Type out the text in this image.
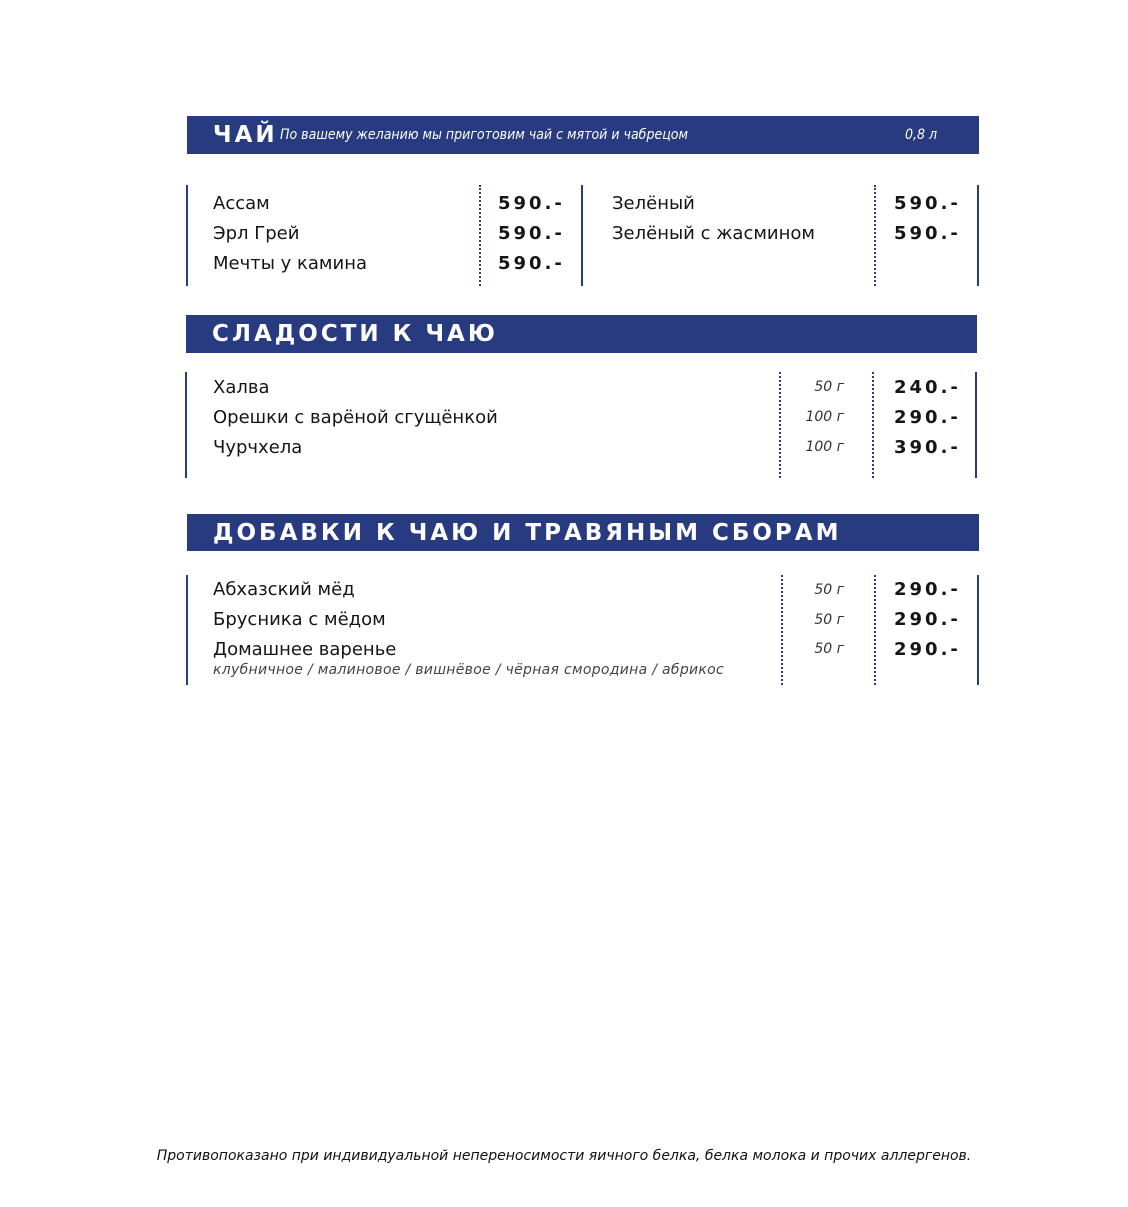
ЧАЙ По вашему желанию мы приготовим чай с мятой и чабрецом	0,8 л
Ассам	590.-
Эрл Грей	590.-
Мечты у камина	590.-
Зелёный	590.-
Зелёный с жасмином	590.-
СЛАДОСТИ К ЧАЮ
Халва	50 г	240.-
Орешки с варёной сгущёнкой	100 г	290.-
Чурчхела	100 г	390.-
ДОБАВКИ К ЧАЮ И ТРАВЯНЫМ СБОРАМ
Абхазский мёд	50 г	290.-
Брусника с мёдом	50 г	290.-
Домашнее варенье	50 г	290.-
клубничное / малиновое / вишнёвое / чёрная смородина / абрикос
Противопоказано при индивидуальной непереносимости яичного белка, белка молока и прочих аллергенов.
